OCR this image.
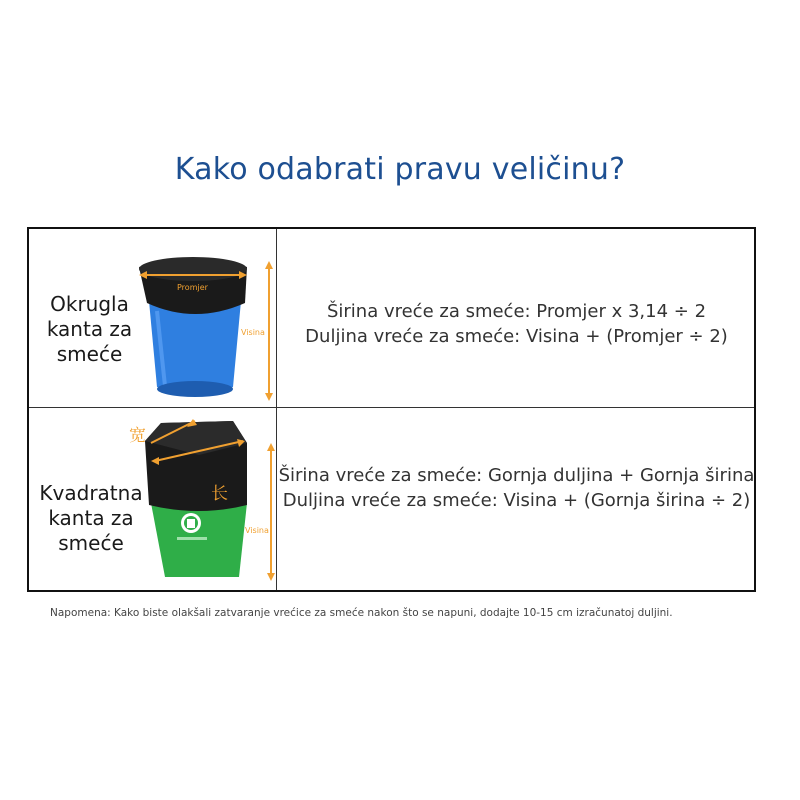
Kako odabrati pravu veličinu?
Okrugla
kanta za
smeće
Promjer
Visina
Širina vreće za smeće: Promjer x 3,14 ÷ 2
Duljina vreće za smeće: Visina + (Promjer ÷ 2)
Kvadratna
kanta za
smeće
宽
长
Visina
Širina vreće za smeće: Gornja duljina + Gornja širina
Duljina vreće za smeće: Visina + (Gornja širina ÷ 2)
Napomena: Kako biste olakšali zatvaranje vrećice za smeće nakon što se napuni, dodajte 10-15 cm izračunatoj duljini.
